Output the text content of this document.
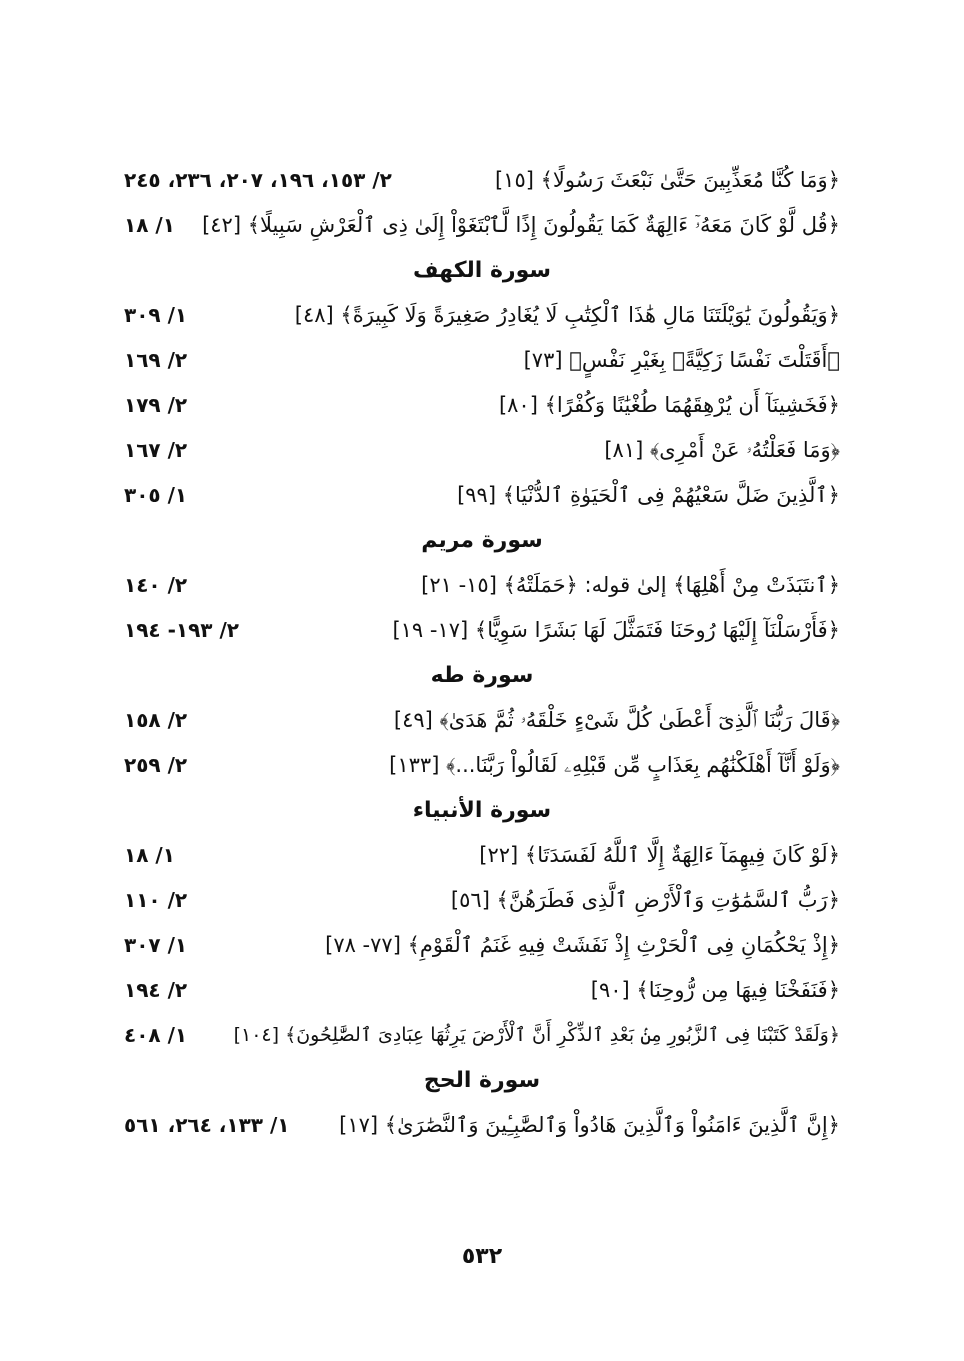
﴿وَمَا كُنَّا مُعَذِّبِينَ حَتَّىٰ نَبْعَثَ رَسُولًا﴾ [١٥]
٢/ ١٥٣، ١٩٦، ٢٠٧، ٢٣٦، ٢٤٥
﴿قُل لَّوْ كَانَ مَعَهُۥٓ ءَالِهَةٌ كَمَا يَقُولُونَ إِذًا لَّٱبْتَغَوْاْ إِلَىٰ ذِى ٱلْعَرْشِ سَبِيلًا﴾ [٤٢]
١/ ١٨
سورة الكهف
﴿وَيَقُولُونَ يَٰوَيْلَتَنَا مَالِ هَٰذَا ٱلْكِتَٰبِ لَا يُغَادِرُ صَغِيرَةً وَلَا كَبِيرَةً﴾ [٤٨]
١/ ٣٠٩
﴿أَقَتَلْتَ نَفْسًا زَكِيَّةًۢ بِغَيْرِ نَفْسٍ﴾ [٧٣]
٢/ ١٦٩
﴿فَخَشِينَآ أَن يُرْهِقَهُمَا طُغْيَٰنًا وَكُفْرًا﴾ [٨٠]
٢/ ١٧٩
﴿وَمَا فَعَلْتُهُۥ عَنْ أَمْرِى﴾ [٨١]
٢/ ١٦٧
﴿ٱلَّذِينَ ضَلَّ سَعْيُهُمْ فِى ٱلْحَيَوٰةِ ٱلدُّنْيَا﴾ [٩٩]
١/ ٣٠٥
سورة مريم
﴿ٱنتَبَذَتْ مِنْ أَهْلِهَا﴾ إلىٰ قوله: ﴿حَمَلَتْهُ﴾ [١٥- ٢١]
٢/ ١٤٠
﴿فَأَرْسَلْنَآ إِلَيْهَا رُوحَنَا فَتَمَثَّلَ لَهَا بَشَرًا سَوِيًّا﴾ [١٧- ١٩]
٢/ ١٩٣- ١٩٤
سورة طه
﴿قَالَ رَبُّنَا ٱلَّذِىٓ أَعْطَىٰ كُلَّ شَىْءٍ خَلْقَهُۥ ثُمَّ هَدَىٰ﴾ [٤٩]
٢/ ١٥٨
﴿وَلَوْ أَنَّآ أَهْلَكْنَٰهُم بِعَذَابٍ مِّن قَبْلِهِۦ لَقَالُواْ رَبَّنَا...﴾ [١٣٣]
٢/ ٢٥٩
سورة الأنبياء
﴿لَوْ كَانَ فِيهِمَآ ءَالِهَةٌ إِلَّا ٱللَّهُ لَفَسَدَتَا﴾ [٢٢]
١/ ١٨
﴿رَبُّ ٱلسَّمَٰوَٰتِ وَٱلْأَرْضِ ٱلَّذِى فَطَرَهُنَّ﴾ [٥٦]
٢/ ١١٠
﴿إِذْ يَحْكُمَانِ فِى ٱلْحَرْثِ إِذْ نَفَشَتْ فِيهِ غَنَمُ ٱلْقَوْمِ﴾ [٧٧- ٧٨]
١/ ٣٠٧
﴿فَنَفَخْنَا فِيهَا مِن رُّوحِنَا﴾ [٩٠]
٢/ ١٩٤
﴿وَلَقَدْ كَتَبْنَا فِى ٱلزَّبُورِ مِنۢ بَعْدِ ٱلذِّكْرِ أَنَّ ٱلْأَرْضَ يَرِثُهَا عِبَادِىَ ٱلصَّٰلِحُونَ﴾ [١٠٤]
١/ ٤٠٨
سورة الحج
﴿إِنَّ ٱلَّذِينَ ءَامَنُواْ وَٱلَّذِينَ هَادُواْ وَٱلصَّٰبِـِٔينَ وَٱلنَّصَٰرَىٰ﴾ [١٧]
١/ ١٣٣، ٢٦٤، ٥٦١
٥٣٢
